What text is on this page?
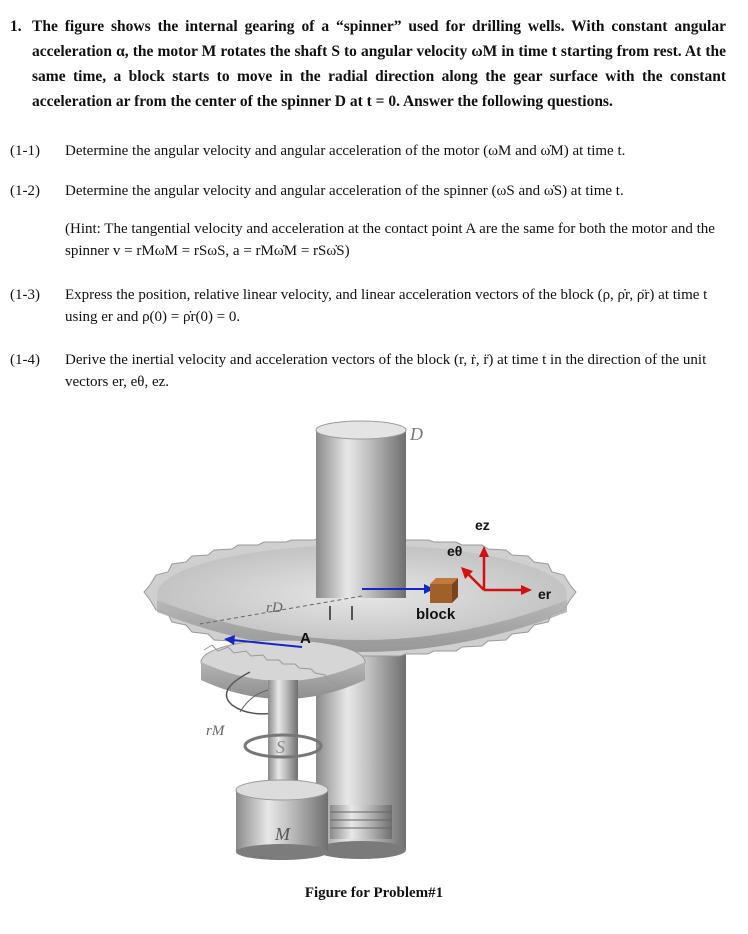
1. The figure shows the internal gearing of a “spinner” used for drilling wells. With constant angular acceleration α, the motor M rotates the shaft S to angular velocity ωM in time t starting from rest. At the same time, a block starts to move in the radial direction along the gear surface with the constant acceleration ar from the center of the spinner D at t = 0. Answer the following questions.
(1-1) Determine the angular velocity and angular acceleration of the motor (ωM and ω̇M) at time t.
(1-2) Determine the angular velocity and angular acceleration of the spinner (ωS and ω̇S) at time t.
(Hint: The tangential velocity and acceleration at the contact point A are the same for both the motor and the spinner v = rMωM = rSωS, a = rMω̇M = rSω̇S)
(1-3) Express the position, relative linear velocity, and linear acceleration vectors of the block (ρ, ρ̇r, ρ̈r) at time t using er and ρ(0) = ρ̇r(0) = 0.
(1-4) Derive the inertial velocity and acceleration vectors of the block (r, ṙ, r̈) at time t in the direction of the unit vectors er, eθ, ez.
D
rD
rM
S
M
A
block
ez
eθ
er
Figure for Problem#1
